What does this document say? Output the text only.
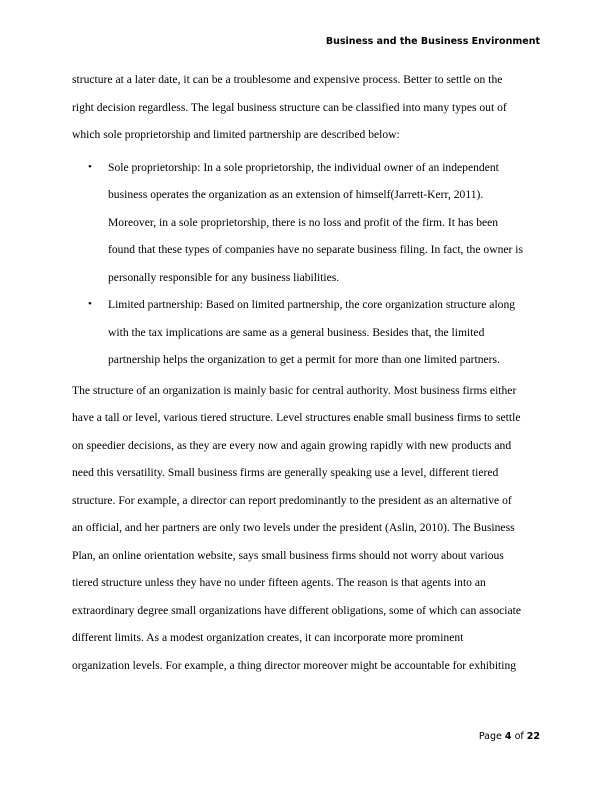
Business and the Business Environment
structure at a later date, it can be a troublesome and expensive process. Better to settle on the
right decision regardless. The legal business structure can be classified into many types out of
which sole proprietorship and limited partnership are described below:
• Sole proprietorship: In a sole proprietorship, the individual owner of an independent
business operates the organization as an extension of himself(Jarrett-Kerr, 2011).
Moreover, in a sole proprietorship, there is no loss and profit of the firm. It has been
found that these types of companies have no separate business filing. In fact, the owner is
personally responsible for any business liabilities.
• Limited partnership: Based on limited partnership, the core organization structure along
with the tax implications are same as a general business. Besides that, the limited
partnership helps the organization to get a permit for more than one limited partners.
The structure of an organization is mainly basic for central authority. Most business firms either
have a tall or level, various tiered structure. Level structures enable small business firms to settle
on speedier decisions, as they are every now and again growing rapidly with new products and
need this versatility. Small business firms are generally speaking use a level, different tiered
structure. For example, a director can report predominantly to the president as an alternative of
an official, and her partners are only two levels under the president (Aslin, 2010). The Business
Plan, an online orientation website, says small business firms should not worry about various
tiered structure unless they have no under fifteen agents. The reason is that agents into an
extraordinary degree small organizations have different obligations, some of which can associate
different limits. As a modest organization creates, it can incorporate more prominent
organization levels. For example, a thing director moreover might be accountable for exhibiting
Page 4 of 22
